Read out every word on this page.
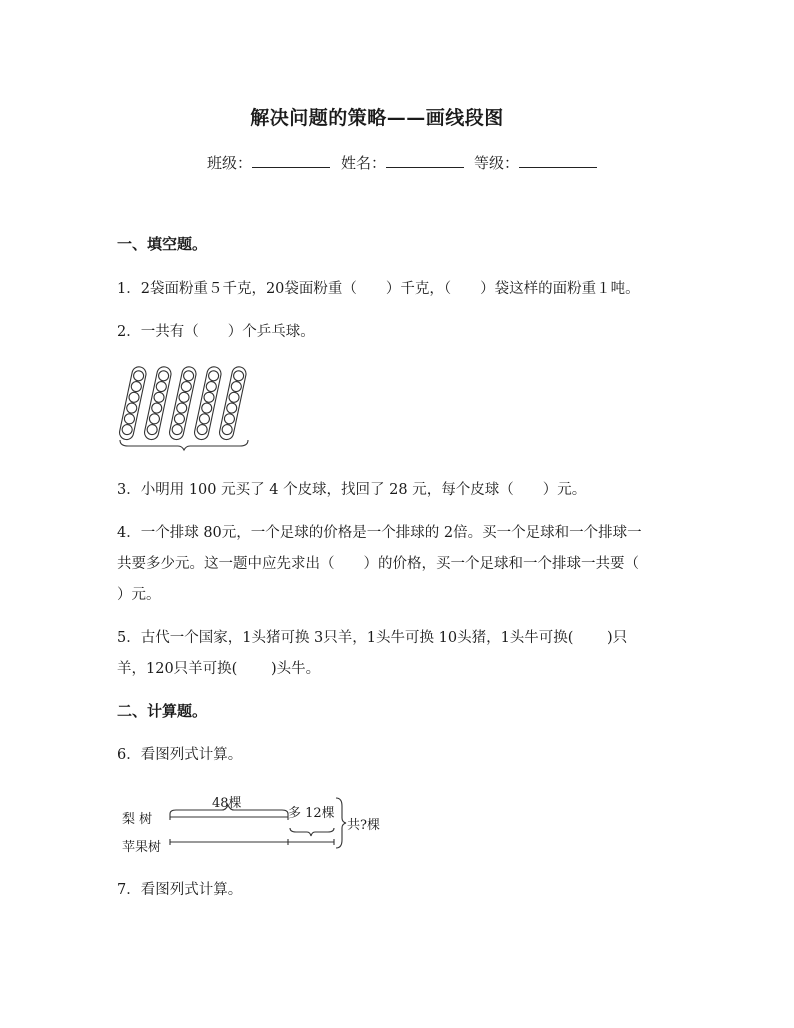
解决问题的策略——画线段图
班级：	姓名：	等级：
一、填空题。
1．2袋面粉重５千克，20袋面粉重（　　）千克，（　　）袋这样的面粉重１吨。
2．一共有（　　）个乒乓球。
3．小明用 100 元买了 4 个皮球，找回了 28 元，每个皮球（　　）元。
4．一个排球 80元，一个足球的价格是一个排球的 2倍。买一个足球和一个排球一
共要多少元。这一题中应先求出（　　）的价格，买一个足球和一个排球一共要（
）元。
5．古代一个国家，1头猪可换 3只羊，1头牛可换 10头猪，1头牛可换(　　 )只
羊，120只羊可换(　　 )头牛。
二、计算题。
6．看图列式计算。
梨 树
苹果树
48棵
多 12棵
共?棵
7．看图列式计算。
